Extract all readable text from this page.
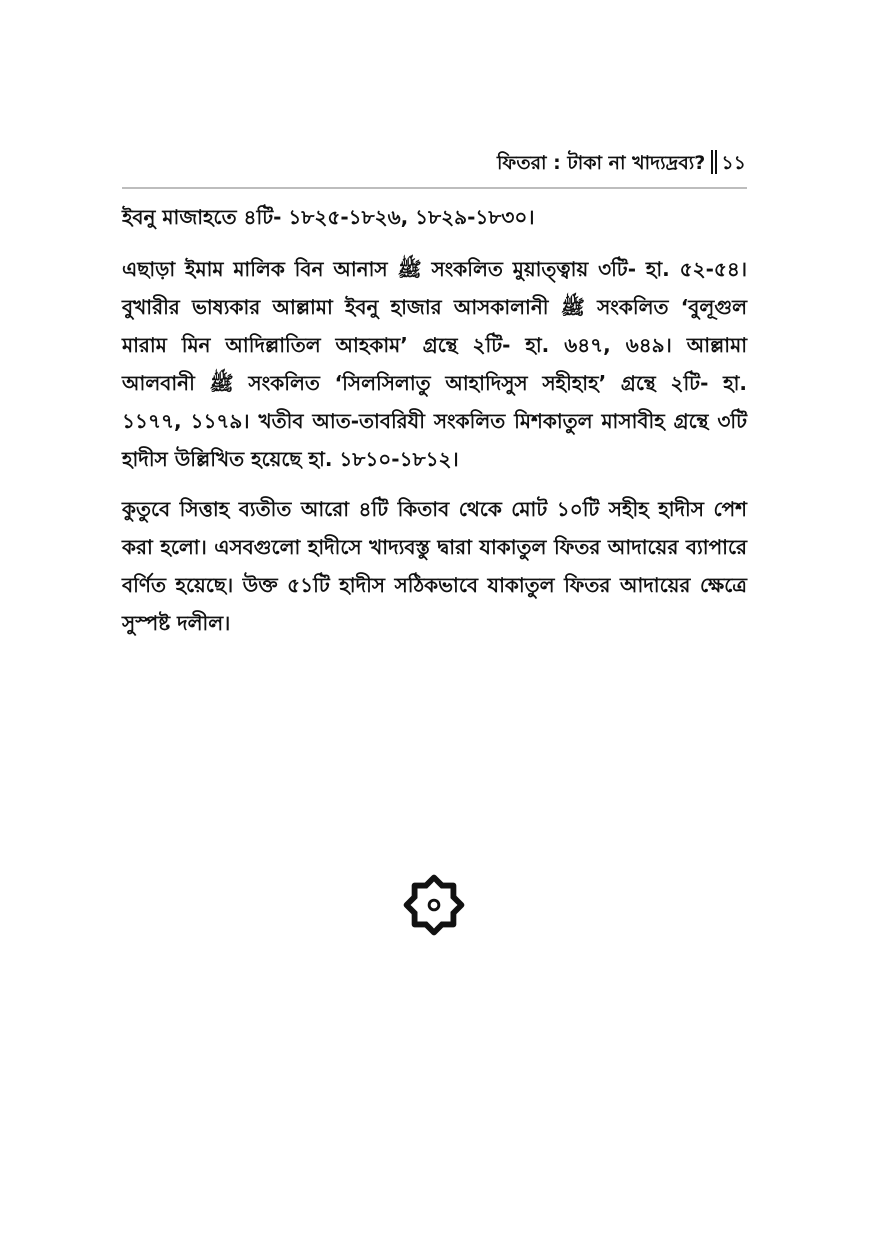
ফিতরা : টাকা না খাদ্যদ্রব্য? ১১

ইবনু মাজাহতে ৪টি- ১৮২৫-১৮২৬, ১৮২৯-১৮৩০।

এছাড়া ইমাম মালিক বিন আনাস ﷺ সংকলিত মুয়াত্ত্বায় ৩টি- হা. ৫২-৫৪। বুখারীর ভাষ্যকার আল্লামা ইবনু হাজার আসকালানী ﷺ সংকলিত ‘বুলূগুল মারাম মিন আদিল্লাতিল আহকাম’ গ্রন্থে ২টি- হা. ৬৪৭, ৬৪৯। আল্লামা আলবানী ﷺ সংকলিত ‘সিলসিলাতু আহাদিসুস সহীহাহ’ গ্রন্থে ২টি- হা. ১১৭৭, ১১৭৯। খতীব আত-তাবরিযী সংকলিত মিশকাতুল মাসাবীহ গ্রন্থে ৩টি হাদীস উল্লিখিত হয়েছে হা. ১৮১০-১৮১২।

কুতুবে সিত্তাহ ব্যতীত আরো ৪টি কিতাব থেকে মোট ১০টি সহীহ হাদীস পেশ করা হলো। এসবগুলো হাদীসে খাদ্যবস্তু দ্বারা যাকাতুল ফিতর আদায়ের ব্যাপারে বর্ণিত হয়েছে। উক্ত ৫১টি হাদীস সঠিকভাবে যাকাতুল ফিতর আদায়ের ক্ষেত্রে সুস্পষ্ট দলীল।
